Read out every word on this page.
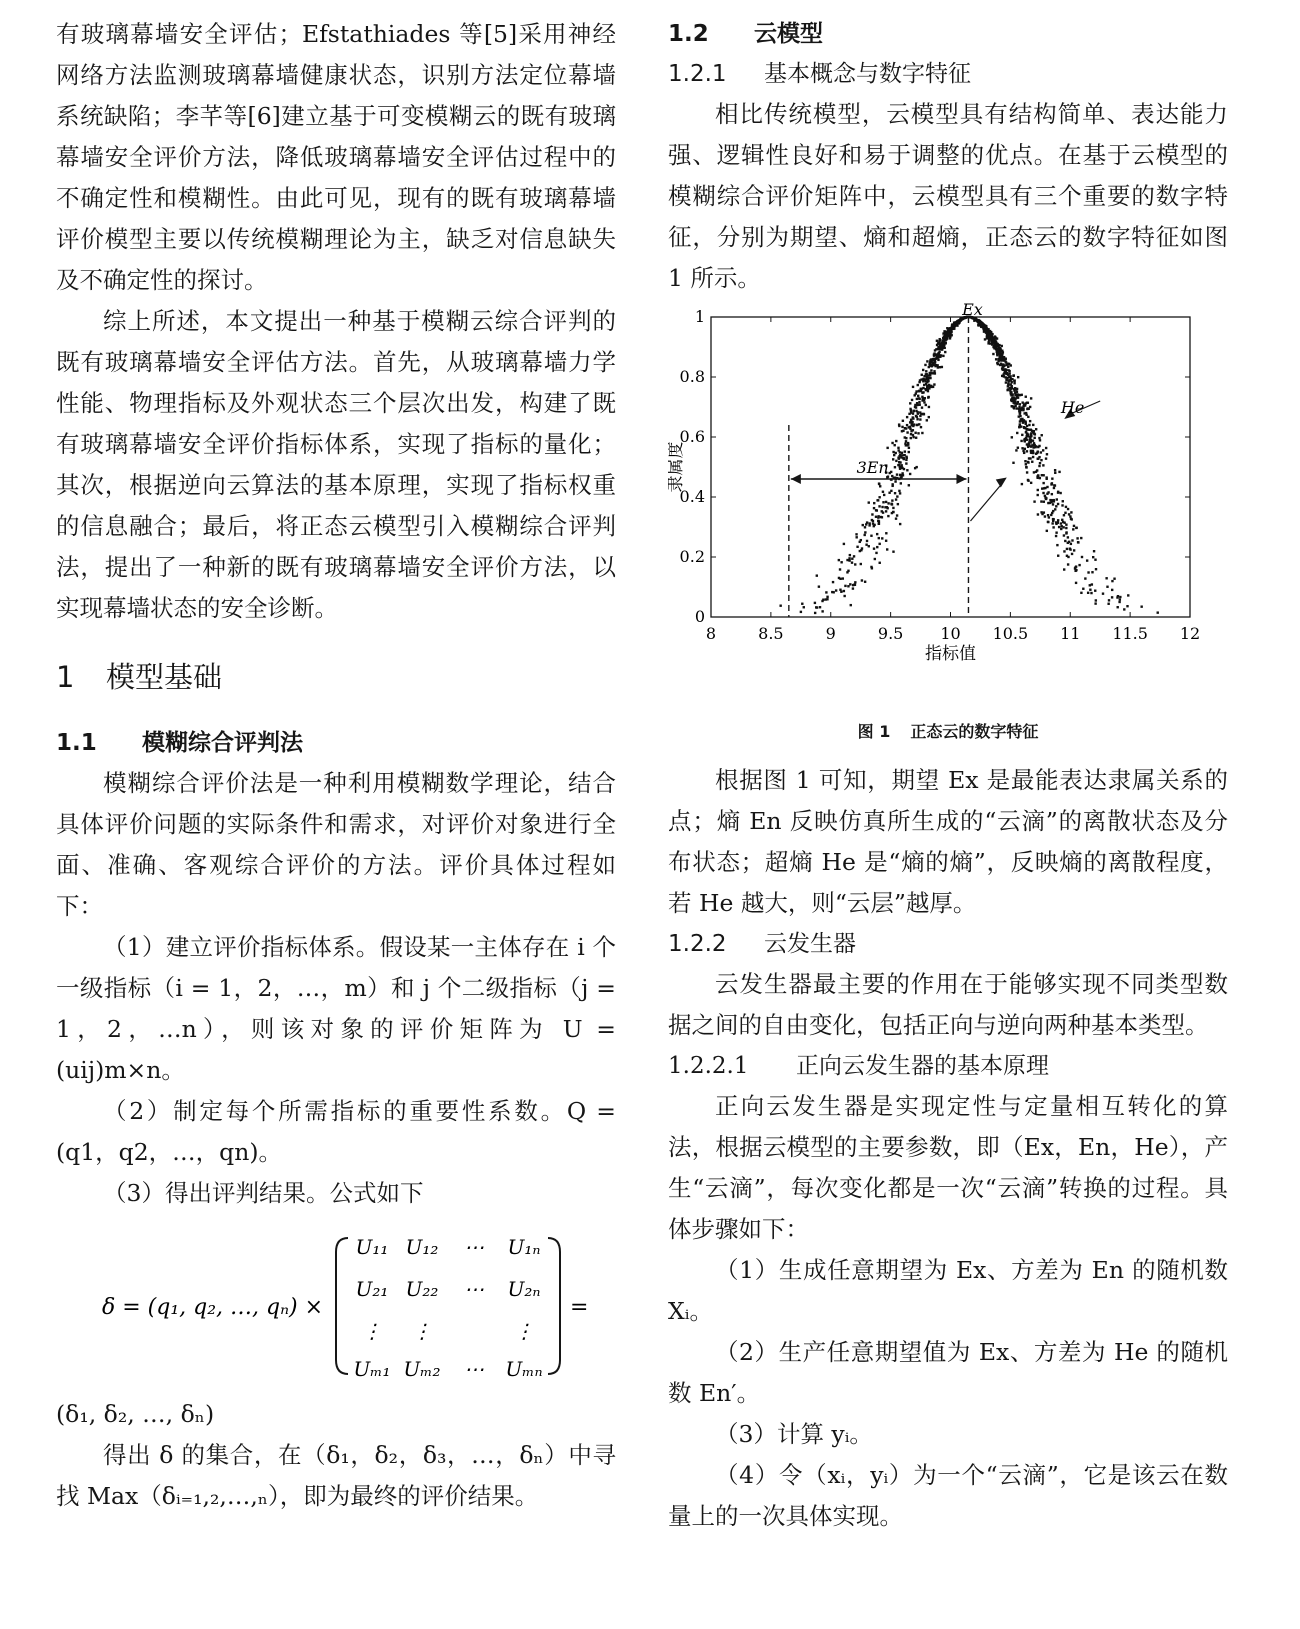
有玻璃幕墙安全评估；Efstathiades 等[5]采用神经网络方法监测玻璃幕墙健康状态，识别方法定位幕墙系统缺陷；李芊等[6]建立基于可变模糊云的既有玻璃幕墙安全评价方法，降低玻璃幕墙安全评估过程中的不确定性和模糊性。由此可见，现有的既有玻璃幕墙评价模型主要以传统模糊理论为主，缺乏对信息缺失及不确定性的探讨。

综上所述，本文提出一种基于模糊云综合评判的既有玻璃幕墙安全评估方法。首先，从玻璃幕墙力学性能、物理指标及外观状态三个层次出发，构建了既有玻璃幕墙安全评价指标体系，实现了指标的量化；其次，根据逆向云算法的基本原理，实现了指标权重的信息融合；最后，将正态云模型引入模糊综合评判法，提出了一种新的既有玻璃幕墙安全评价方法，以实现幕墙状态的安全诊断。

1 模型基础
1.1 模糊综合评判法

模糊综合评价法是一种利用模糊数学理论，结合具体评价问题的实际条件和需求，对评价对象进行全面、准确、客观综合评价的方法。评价具体过程如下：

（1）建立评价指标体系。假设某一主体存在 i 个一级指标（i = 1，2，…，m）和 j 个二级指标（j = 1，2，…n），则该对象的评价矩阵为 U = (uij)m×n。

（2）制定每个所需指标的重要性系数。Q = (q1，q2，…，qn)。

（3）得出评判结果。公式如下

δ = (q₁, q₂, …, qₙ) ×
U₁₁ U₁₂ ⋯ U₁ₙ
U₂₁ U₂₂ ⋯ U₂ₙ
⋮ ⋮	⋮
Uₘ₁ Uₘ₂ ⋯ Uₘₙ
=

(δ₁, δ₂, …, δₙ)

得出 δ 的集合，在（δ₁，δ₂，δ₃，…，δₙ）中寻找 Max（δᵢ₌₁,₂,…,ₙ），即为最终的评价结果。

1.2 云模型
1.2.1 基本概念与数字特征

相比传统模型，云模型具有结构简单、表达能力强、逻辑性良好和易于调整的优点。在基于云模型的模糊综合评价矩阵中，云模型具有三个重要的数字特征，分别为期望、熵和超熵，正态云的数字特征如图 1 所示。

3En
Ex
He
8	8.5	9	9.5 10 10.5 11 11.5 12
0
0.2
0.4
0.6
0.8
1
指标值
隶属度
图 1 正态云的数字特征

根据图 1 可知，期望 Ex 是最能表达隶属关系的点；熵 En 反映仿真所生成的“云滴”的离散状态及分布状态；超熵 He 是“熵的熵”，反映熵的离散程度，若 He 越大，则“云层”越厚。

1.2.2 云发生器

云发生器最主要的作用在于能够实现不同类型数据之间的自由变化，包括正向与逆向两种基本类型。

1.2.2.1 正向云发生器的基本原理

正向云发生器是实现定性与定量相互转化的算法，根据云模型的主要参数，即（Ex，En，He），产生“云滴”，每次变化都是一次“云滴”转换的过程。具体步骤如下：

（1）生成任意期望为 Ex、方差为 En 的随机数 Xᵢ。

（2）生产任意期望值为 Ex、方差为 He 的随机数 En′。

（3）计算 yᵢ。

（4）令（xᵢ，yᵢ）为一个“云滴”，它是该云在数量上的一次具体实现。
